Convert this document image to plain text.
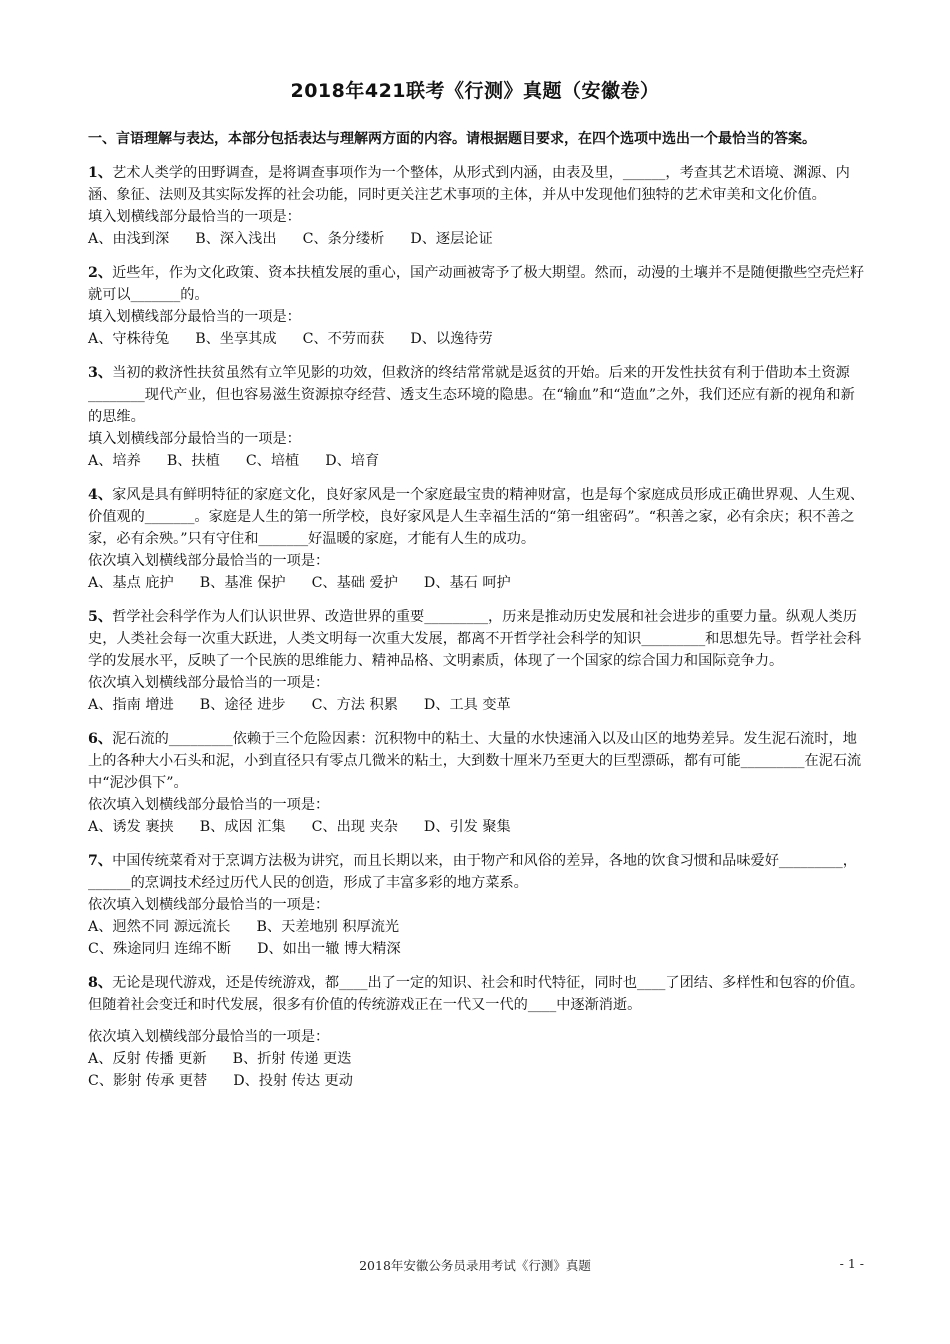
2018年421联考《行测》真题（安徽卷）

一、言语理解与表达，本部分包括表达与理解两方面的内容。请根据题目要求，在四个选项中选出一个最恰当的答案。

1、艺术人类学的田野调查，是将调查事项作为一个整体，从形式到内涵，由表及里，______，考查其艺术语境、渊源、内涵、象征、法则及其实际发挥的社会功能，同时更关注艺术事项的主体，并从中发现他们独特的艺术审美和文化价值。

填入划横线部分最恰当的一项是：

A、由浅到深 B、深入浅出 C、条分缕析 D、逐层论证

2、近些年，作为文化政策、资本扶植发展的重心，国产动画被寄予了极大期望。然而，动漫的土壤并不是随便撒些空壳烂籽就可以_______的。

填入划横线部分最恰当的一项是：

A、守株待兔 B、坐享其成 C、不劳而获 D、以逸待劳

3、当初的救济性扶贫虽然有立竿见影的功效，但救济的终结常常就是返贫的开始。后来的开发性扶贫有利于借助本土资源________现代产业，但也容易滋生资源掠夺经营、透支生态环境的隐患。在“输血”和“造血”之外，我们还应有新的视角和新的思维。

填入划横线部分最恰当的一项是：

A、培养 B、扶植 C、培植 D、培育

4、家风是具有鲜明特征的家庭文化，良好家风是一个家庭最宝贵的精神财富，也是每个家庭成员形成正确世界观、人生观、价值观的_______。家庭是人生的第一所学校，良好家风是人生幸福生活的“第一组密码”。“积善之家，必有余庆；积不善之家，必有余殃。”只有守住和_______好温暖的家庭，才能有人生的成功。

依次填入划横线部分最恰当的一项是：

A、基点 庇护 B、基准 保护 C、基础 爱护 D、基石 呵护

5、哲学社会科学作为人们认识世界、改造世界的重要_________，历来是推动历史发展和社会进步的重要力量。纵观人类历史，人类社会每一次重大跃进，人类文明每一次重大发展，都离不开哲学社会科学的知识_________和思想先导。哲学社会科学的发展水平，反映了一个民族的思维能力、精神品格、文明素质，体现了一个国家的综合国力和国际竞争力。

依次填入划横线部分最恰当的一项是：

A、指南 增进 B、途径 进步 C、方法 积累 D、工具 变革

6、泥石流的_________依赖于三个危险因素：沉积物中的粘土、大量的水快速涌入以及山区的地势差异。发生泥石流时，地上的各种大小石头和泥，小到直径只有零点几微米的粘土，大到数十厘米乃至更大的巨型漂砾，都有可能_________在泥石流中“泥沙俱下”。

依次填入划横线部分最恰当的一项是：

A、诱发 裹挟 B、成因 汇集 C、出现 夹杂 D、引发 聚集

7、中国传统菜肴对于烹调方法极为讲究，而且长期以来，由于物产和风俗的差异，各地的饮食习惯和品味爱好_________，______的烹调技术经过历代人民的创造，形成了丰富多彩的地方菜系。

依次填入划横线部分最恰当的一项是：

A、迥然不同 源远流长 B、天差地别 积厚流光

C、殊途同归 连绵不断 D、如出一辙 博大精深

8、无论是现代游戏，还是传统游戏，都____出了一定的知识、社会和时代特征，同时也____了团结、多样性和包容的价值。但随着社会变迁和时代发展，很多有价值的传统游戏正在一代又一代的____中逐渐消逝。

依次填入划横线部分最恰当的一项是：

A、反射 传播 更新 B、折射 传递 更迭

C、影射 传承 更替 D、投射 传达 更动

2018年安徽公务员录用考试《行测》真题	- 1 -
